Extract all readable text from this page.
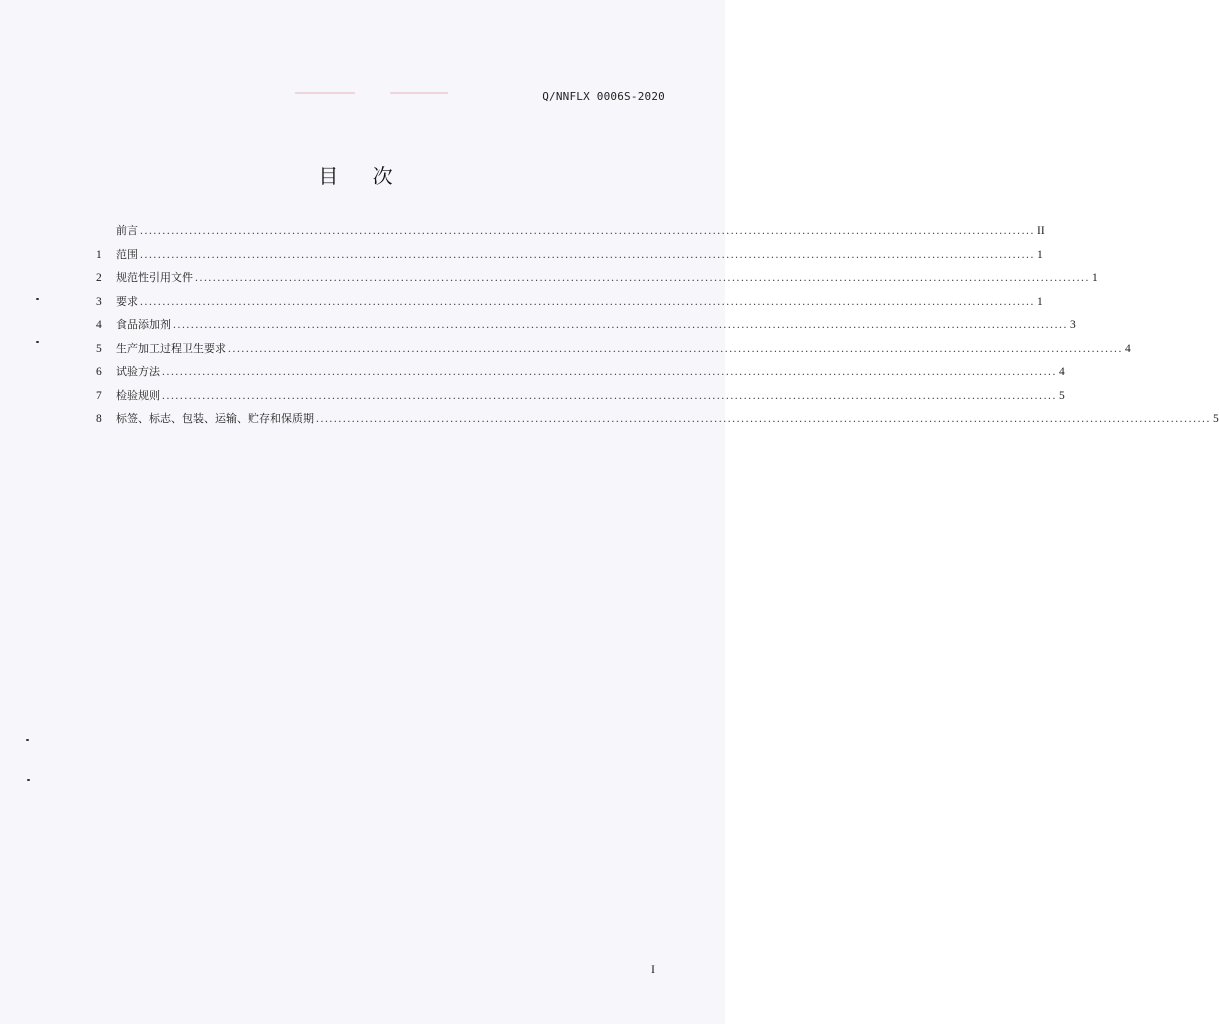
Q/NNFLX 0006S-2020
目 次
前言 ........................................................................................................................................................................................................ II
1	范围 ........................................................................................................................................................................................................ 1
2	规范性引用文件 ........................................................................................................................................................................................................ 1
3	要求 ........................................................................................................................................................................................................ 1
4	食品添加剂 ........................................................................................................................................................................................................ 3
5	生产加工过程卫生要求 ........................................................................................................................................................................................................ 4
6	试验方法 ........................................................................................................................................................................................................ 4
7	检验规则 ........................................................................................................................................................................................................ 5
8	标签、标志、包装、运输、贮存和保质期 ........................................................................................................................................................................................................ 5
I
